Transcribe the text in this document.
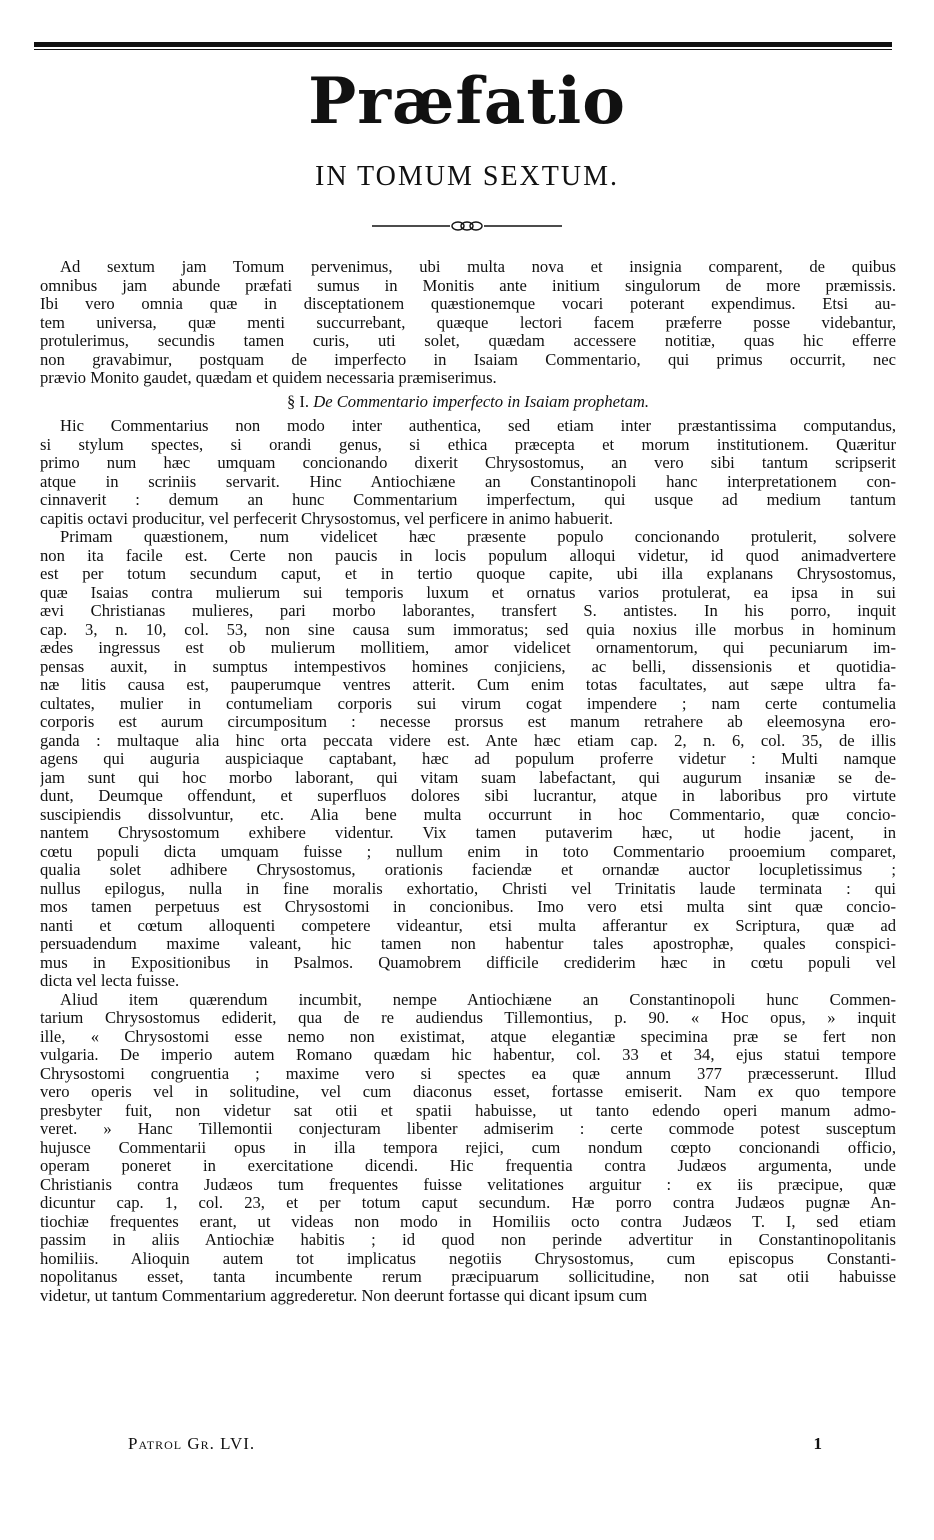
Præfatio
IN TOMUM SEXTUM.
Ad sextum jam Tomum pervenimus, ubi multa nova et insignia comparent, de quibus
omnibus jam abunde præfati sumus in Monitis ante initium singulorum de more præmissis.
Ibi vero omnia quæ in disceptationem quæstionemque vocari poterant expendimus. Etsi au-
tem universa, quæ menti succurrebant, quæque lectori facem præferre posse videbantur,
protulerimus, secundis tamen curis, uti solet, quædam accessere notitiæ, quas hic efferre
non gravabimur, postquam de imperfecto in Isaiam Commentario, qui primus occurrit, nec
prævio Monito gaudet, quædam et quidem necessaria præmiserimus.
§ I. De Commentario imperfecto in Isaiam prophetam.
Hic Commentarius non modo inter authentica, sed etiam inter præstantissima computandus,
si stylum spectes, si orandi genus, si ethica præcepta et morum institutionem. Quæritur
primo num hæc umquam concionando dixerit Chrysostomus, an vero sibi tantum scripserit
atque in scriniis servarit. Hinc Antiochiæne an Constantinopoli hanc interpretationem con-
cinnaverit : demum an hunc Commentarium imperfectum, qui usque ad medium tantum
capitis octavi producitur, vel perfecerit Chrysostomus, vel perficere in animo habuerit.
Primam quæstionem, num videlicet hæc præsente populo concionando protulerit, solvere
non ita facile est. Certe non paucis in locis populum alloqui videtur, id quod animadvertere
est per totum secundum caput, et in tertio quoque capite, ubi illa explanans Chrysostomus,
quæ Isaias contra mulierum sui temporis luxum et ornatus varios protulerat, ea ipsa in sui
ævi Christianas mulieres, pari morbo laborantes, transfert S. antistes. In his porro, inquit
cap. 3, n. 10, col. 53, non sine causa sum immoratus; sed quia noxius ille morbus in hominum
ædes ingressus est ob mulierum mollitiem, amor videlicet ornamentorum, qui pecuniarum im-
pensas auxit, in sumptus intempestivos homines conjiciens, ac belli, dissensionis et quotidia-
næ litis causa est, pauperumque ventres atterit. Cum enim totas facultates, aut sæpe ultra fa-
cultates, mulier in contumeliam corporis sui virum cogat impendere ; nam certe contumelia
corporis est aurum circumpositum : necesse prorsus est manum retrahere ab eleemosyna ero-
ganda : multaque alia hinc orta peccata videre est. Ante hæc etiam cap. 2, n. 6, col. 35, de illis
agens qui auguria auspiciaque captabant, hæc ad populum proferre videtur : Multi namque
jam sunt qui hoc morbo laborant, qui vitam suam labefactant, qui augurum insaniæ se de-
dunt, Deumque offendunt, et superfluos dolores sibi lucrantur, atque in laboribus pro virtute
suscipiendis dissolvuntur, etc. Alia bene multa occurrunt in hoc Commentario, quæ concio-
nantem Chrysostomum exhibere videntur. Vix tamen putaverim hæc, ut hodie jacent, in
cœtu populi dicta umquam fuisse ; nullum enim in toto Commentario prooemium comparet,
qualia solet adhibere Chrysostomus, orationis faciendæ et ornandæ auctor locupletissimus ;
nullus epilogus, nulla in fine moralis exhortatio, Christi vel Trinitatis laude terminata : qui
mos tamen perpetuus est Chrysostomi in concionibus. Imo vero etsi multa sint quæ concio-
nanti et cœtum alloquenti competere videantur, etsi multa afferantur ex Scriptura, quæ ad
persuadendum maxime valeant, hic tamen non habentur tales apostrophæ, quales conspici-
mus in Expositionibus in Psalmos. Quamobrem difficile crediderim hæc in cœtu populi vel
dicta vel lecta fuisse.
Aliud item quærendum incumbit, nempe Antiochiæne an Constantinopoli hunc Commen-
tarium Chrysostomus ediderit, qua de re audiendus Tillemontius, p. 90. « Hoc opus, » inquit
ille, « Chrysostomi esse nemo non existimat, atque elegantiæ specimina præ se fert non
vulgaria. De imperio autem Romano quædam hic habentur, col. 33 et 34, ejus statui tempore
Chrysostomi congruentia ; maxime vero si spectes ea quæ annum 377 præcesserunt. Illud
vero operis vel in solitudine, vel cum diaconus esset, fortasse emiserit. Nam ex quo tempore
presbyter fuit, non videtur sat otii et spatii habuisse, ut tanto edendo operi manum admo-
veret. » Hanc Tillemontii conjecturam libenter admiserim : certe commode potest susceptum
hujusce Commentarii opus in illa tempora rejici, cum nondum cœpto concionandi officio,
operam poneret in exercitatione dicendi. Hic frequentia contra Judæos argumenta, unde
Christianis contra Judæos tum frequentes fuisse velitationes arguitur : ex iis præcipue, quæ
dicuntur cap. 1, col. 23, et per totum caput secundum. Hæ porro contra Judæos pugnæ An-
tiochiæ frequentes erant, ut videas non modo in Homiliis octo contra Judæos T. I, sed etiam
passim in aliis Antiochiæ habitis ; id quod non perinde advertitur in Constantinopolitanis
homiliis. Alioquin autem tot implicatus negotiis Chrysostomus, cum episcopus Constanti-
nopolitanus esset, tanta incumbente rerum præcipuarum sollicitudine, non sat otii habuisse
videtur, ut tantum Commentarium aggrederetur. Non deerunt fortasse qui dicant ipsum cum
Patrol Gr. LVI.	1
